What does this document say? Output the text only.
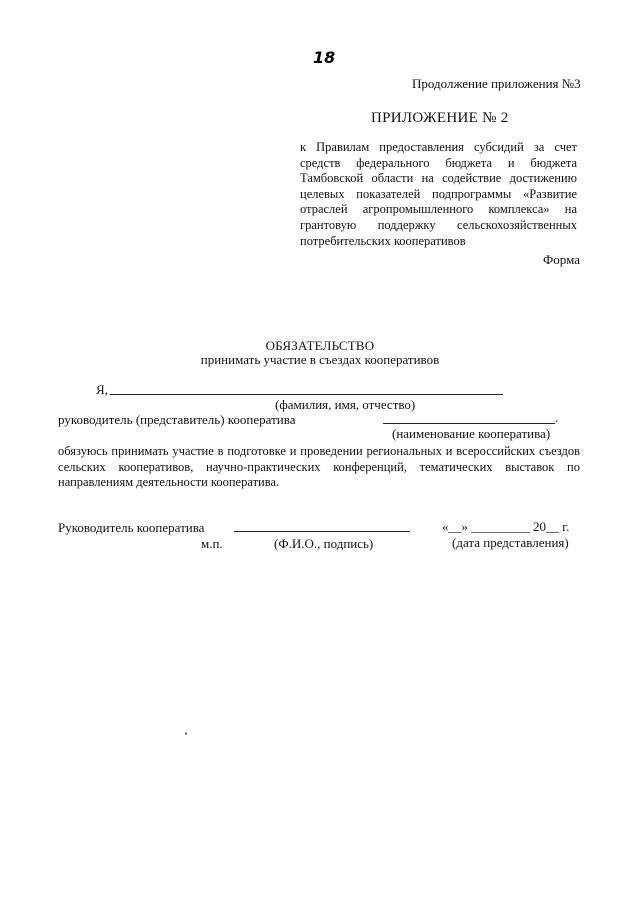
18
Продолжение приложения №3
ПРИЛОЖЕНИЕ № 2
к Правилам предоставления субсидий за счет средств федерального бюджета и бюджета Тамбовской области на содействие достижению целевых показателей подпрограммы «Развитие отраслей агропромышленного комплекса» на грантовую поддержку сельскохозяйственных потребительских кооперативов
Форма
ОБЯЗАТЕЛЬСТВО
принимать участие в съездах кооперативов
Я,
(фамилия, имя, отчество)
руководитель (представитель) кооператива	.
(наименование кооператива)
обязуюсь принимать участие в подготовке и проведении региональных и всероссийских съездов сельских кооперативов, научно-практических конференций, тематических выставок по направлениям деятельности кооператива.
Руководитель кооператива
м.п.	(Ф.И.О., подпись)
«__» _________ 20__ г.
(дата представления)
